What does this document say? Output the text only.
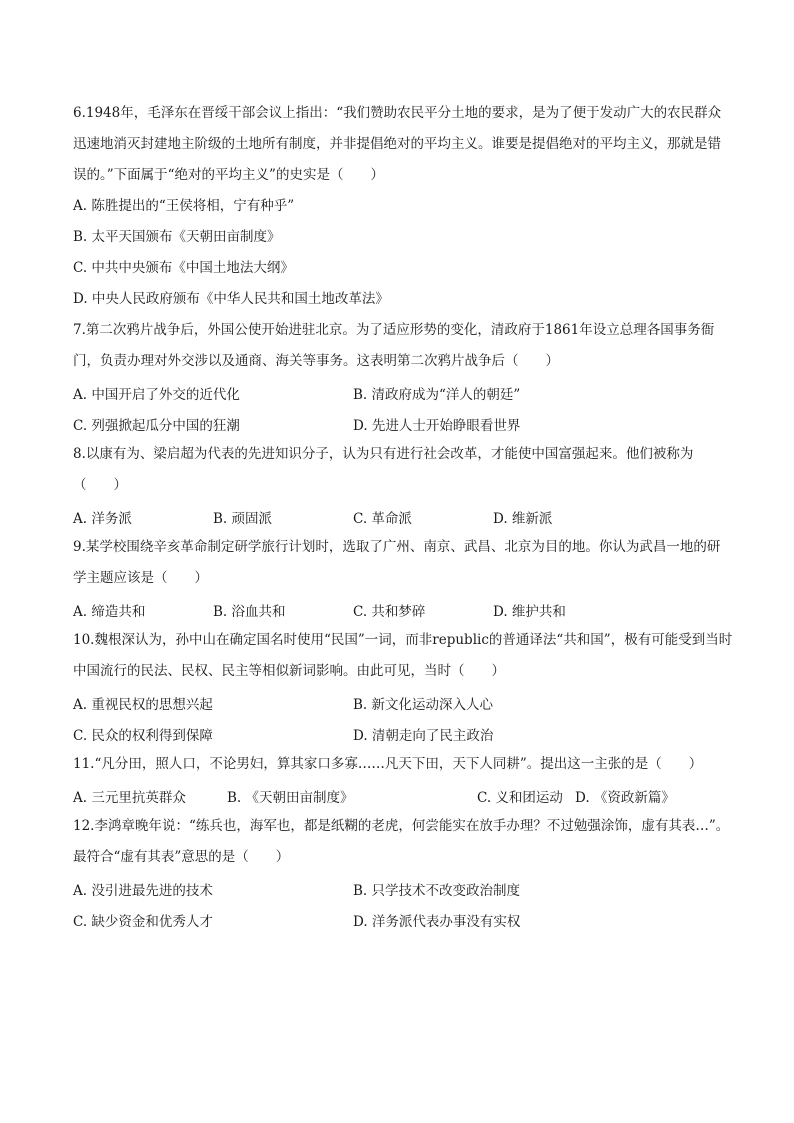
6.1948年，毛泽东在晋绥干部会议上指出：“我们赞助农民平分土地的要求，是为了便于发动广大的农民群众迅速地消灭封建地主阶级的土地所有制度，并非提倡绝对的平均主义。谁要是提倡绝对的平均主义，那就是错误的。”下面属于“绝对的平均主义”的史实是（　　）

A. 陈胜提出的“王侯将相，宁有种乎”
B. 太平天国颁布《天朝田亩制度》
C. 中共中央颁布《中国土地法大纲》
D. 中央人民政府颁布《中华人民共和国土地改革法》

7.第二次鸦片战争后，外国公使开始进驻北京。为了适应形势的变化，清政府于1861年设立总理各国事务衙门，负责办理对外交涉以及通商、海关等事务。这表明第二次鸦片战争后（　　）

A. 中国开启了外交的近代化	B. 清政府成为“洋人的朝廷”
C. 列强掀起瓜分中国的狂潮	D. 先进人士开始睁眼看世界

8.以康有为、梁启超为代表的先进知识分子，认为只有进行社会改革，才能使中国富强起来。他们被称为（　　）

A. 洋务派	B. 顽固派	C. 革命派	D. 维新派

9.某学校围绕辛亥革命制定研学旅行计划时，选取了广州、南京、武昌、北京为目的地。你认为武昌一地的研学主题应该是（　　）

A. 缔造共和	B. 浴血共和	C. 共和梦碎	D. 维护共和

10.魏根深认为，孙中山在确定国名时使用“民国”一词，而非republic的普通译法“共和国”，极有可能受到当时中国流行的民法、民权、民主等相似新词影响。由此可见，当时（　　）

A. 重视民权的思想兴起	B. 新文化运动深入人心
C. 民众的权利得到保障	D. 清朝走向了民主政治

11.“凡分田，照人口，不论男妇，算其家口多寡……凡天下田，天下人同耕”。提出这一主张的是（　　）

A. 三元里抗英群众	B. 《天朝田亩制度》	C. 义和团运动 D. 《资政新篇》

12.李鸿章晚年说：“练兵也，海军也，都是纸糊的老虎，何尝能实在放手办理？不过勉强涂饰，虚有其表…”。最符合“虚有其表”意思的是（　　）

A. 没引进最先进的技术	B. 只学技术不改变政治制度
C. 缺少资金和优秀人才	D. 洋务派代表办事没有实权
